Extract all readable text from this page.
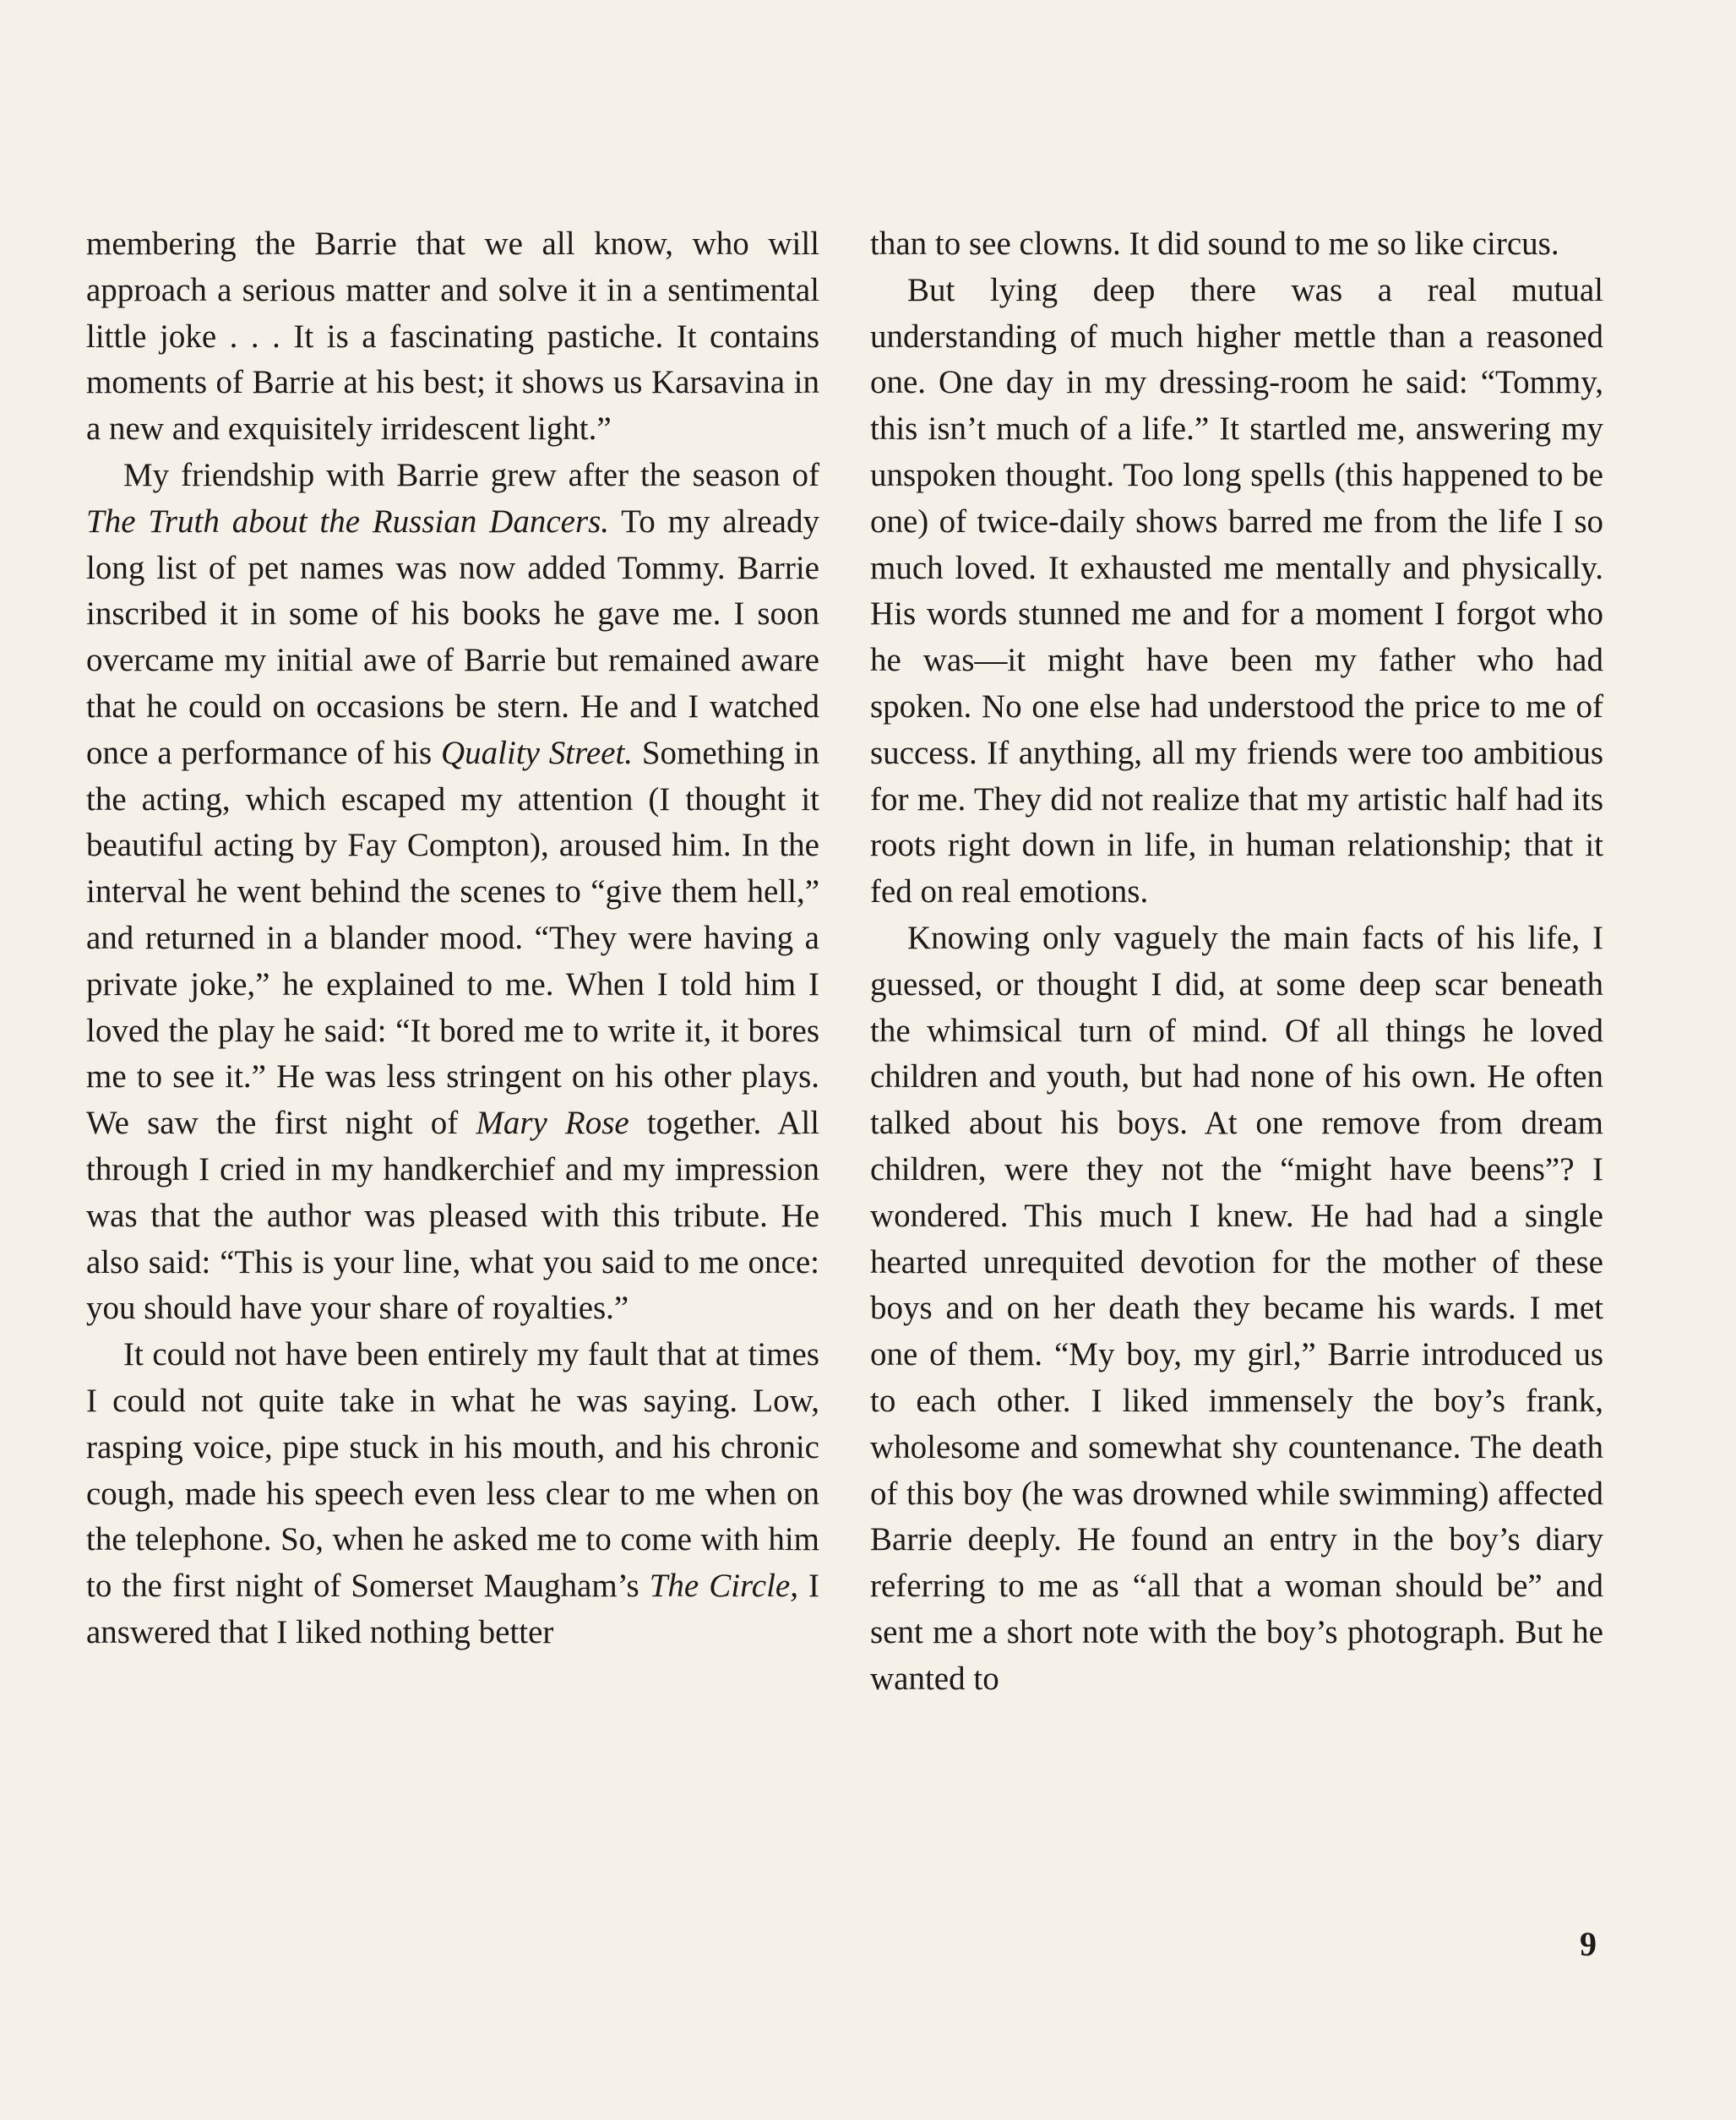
membering the Barrie that we all know, who will approach a serious matter and solve it in a sentimental little joke . . . It is a fascinating pastiche. It contains moments of Barrie at his best; it shows us Karsavina in a new and exquisitely irridescent light.”

My friendship with Barrie grew after the season of The Truth about the Russian Dancers. To my already long list of pet names was now added Tommy. Barrie inscribed it in some of his books he gave me. I soon overcame my initial awe of Barrie but remained aware that he could on occasions be stern. He and I watched once a performance of his Quality Street. Something in the acting, which escaped my attention (I thought it beautiful acting by Fay Compton), aroused him. In the interval he went behind the scenes to “give them hell,” and returned in a blander mood. “They were having a private joke,” he explained to me. When I told him I loved the play he said: “It bored me to write it, it bores me to see it.” He was less stringent on his other plays. We saw the first night of Mary Rose together. All through I cried in my handkerchief and my impression was that the author was pleased with this tribute. He also said: “This is your line, what you said to me once: you should have your share of royalties.”

It could not have been entirely my fault that at times I could not quite take in what he was saying. Low, rasping voice, pipe stuck in his mouth, and his chronic cough, made his speech even less clear to me when on the telephone. So, when he asked me to come with him to the first night of Somerset Maugham’s The Circle, I answered that I liked nothing better

than to see clowns. It did sound to me so like circus.

But lying deep there was a real mutual understanding of much higher mettle than a reasoned one. One day in my dressing-room he said: “Tommy, this isn’t much of a life.” It startled me, answering my unspoken thought. Too long spells (this happened to be one) of twice-daily shows barred me from the life I so much loved. It exhausted me mentally and physically. His words stunned me and for a moment I forgot who he was—it might have been my father who had spoken. No one else had understood the price to me of success. If anything, all my friends were too ambitious for me. They did not realize that my artistic half had its roots right down in life, in human relationship; that it fed on real emotions.

Knowing only vaguely the main facts of his life, I guessed, or thought I did, at some deep scar beneath the whimsical turn of mind. Of all things he loved children and youth, but had none of his own. He often talked about his boys. At one remove from dream children, were they not the “might have beens”? I wondered. This much I knew. He had had a single hearted unrequited devotion for the mother of these boys and on her death they became his wards. I met one of them. “My boy, my girl,” Barrie introduced us to each other. I liked immensely the boy’s frank, wholesome and somewhat shy countenance. The death of this boy (he was drowned while swimming) affected Barrie deeply. He found an entry in the boy’s diary referring to me as “all that a woman should be” and sent me a short note with the boy’s photograph. But he wanted to

9
